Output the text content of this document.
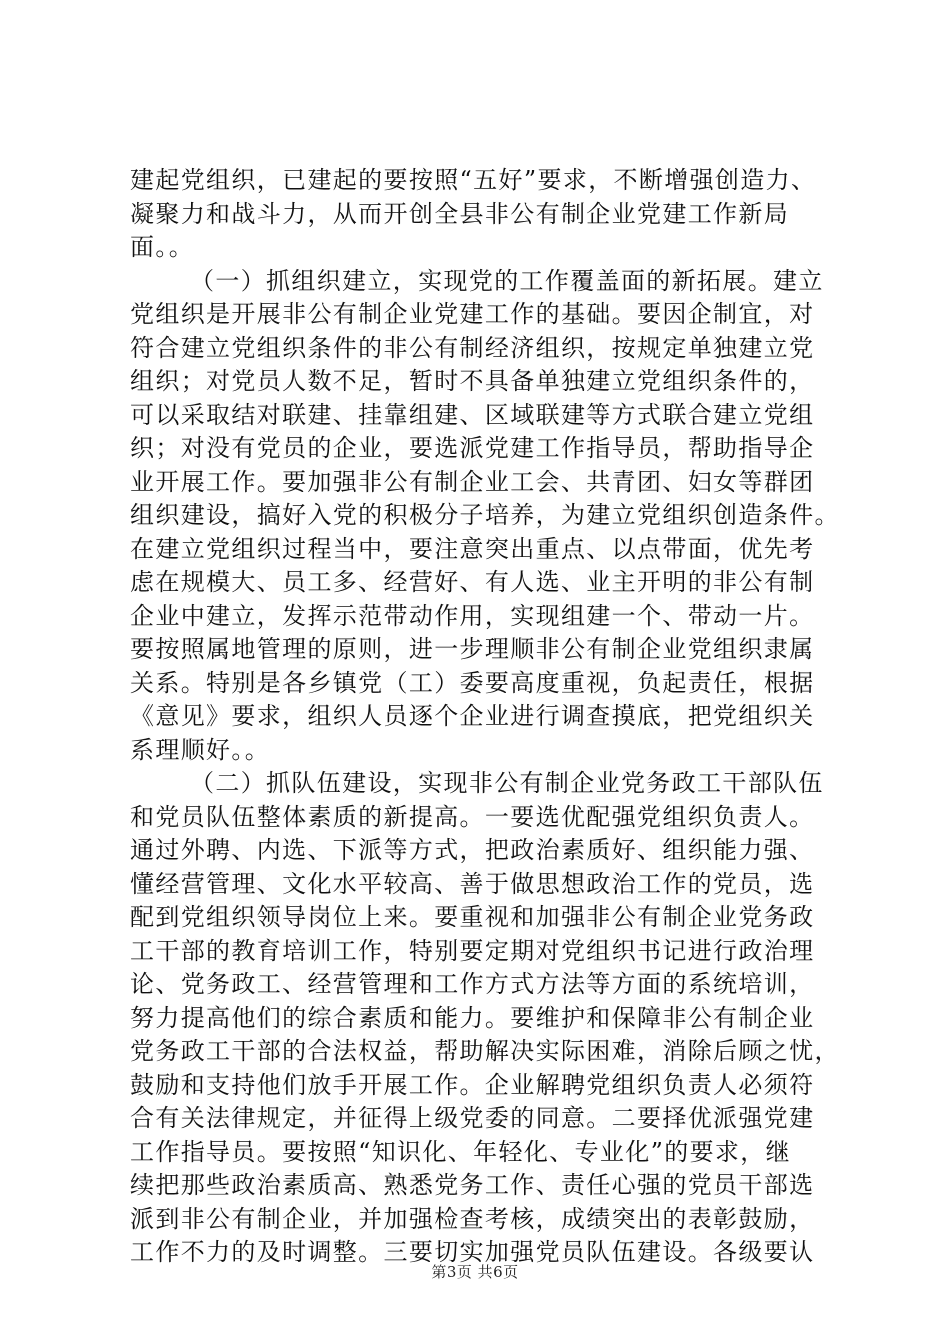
建起党组织，已建起的要按照“五好”要求，不断增强创造力、
凝聚力和战斗力，从而开创全县非公有制企业党建工作新局
面。。
（一）抓组织建立，实现党的工作覆盖面的新拓展。建立
党组织是开展非公有制企业党建工作的基础。要因企制宜，对
符合建立党组织条件的非公有制经济组织，按规定单独建立党
组织；对党员人数不足，暂时不具备单独建立党组织条件的，
可以采取结对联建、挂靠组建、区域联建等方式联合建立党组
织；对没有党员的企业，要选派党建工作指导员，帮助指导企
业开展工作。要加强非公有制企业工会、共青团、妇女等群团
组织建设，搞好入党的积极分子培养，为建立党组织创造条件。
在建立党组织过程当中，要注意突出重点、以点带面，优先考
虑在规模大、员工多、经营好、有人选、业主开明的非公有制
企业中建立，发挥示范带动作用，实现组建一个、带动一片。
要按照属地管理的原则，进一步理顺非公有制企业党组织隶属
关系。特别是各乡镇党（工）委要高度重视，负起责任，根据
《意见》要求，组织人员逐个企业进行调查摸底，把党组织关
系理顺好。。
（二）抓队伍建设，实现非公有制企业党务政工干部队伍
和党员队伍整体素质的新提高。一要选优配强党组织负责人。
通过外聘、内选、下派等方式，把政治素质好、组织能力强、
懂经营管理、文化水平较高、善于做思想政治工作的党员，选
配到党组织领导岗位上来。要重视和加强非公有制企业党务政
工干部的教育培训工作，特别要定期对党组织书记进行政治理
论、党务政工、经营管理和工作方式方法等方面的系统培训，
努力提高他们的综合素质和能力。要维护和保障非公有制企业
党务政工干部的合法权益，帮助解决实际困难，消除后顾之忧，
鼓励和支持他们放手开展工作。企业解聘党组织负责人必须符
合有关法律规定，并征得上级党委的同意。二要择优派强党建
工作指导员。要按照“知识化、年轻化、专业化”的要求，继
续把那些政治素质高、熟悉党务工作、责任心强的党员干部选
派到非公有制企业，并加强检查考核，成绩突出的表彰鼓励，
工作不力的及时调整。三要切实加强党员队伍建设。各级要认
第3页 共6页
